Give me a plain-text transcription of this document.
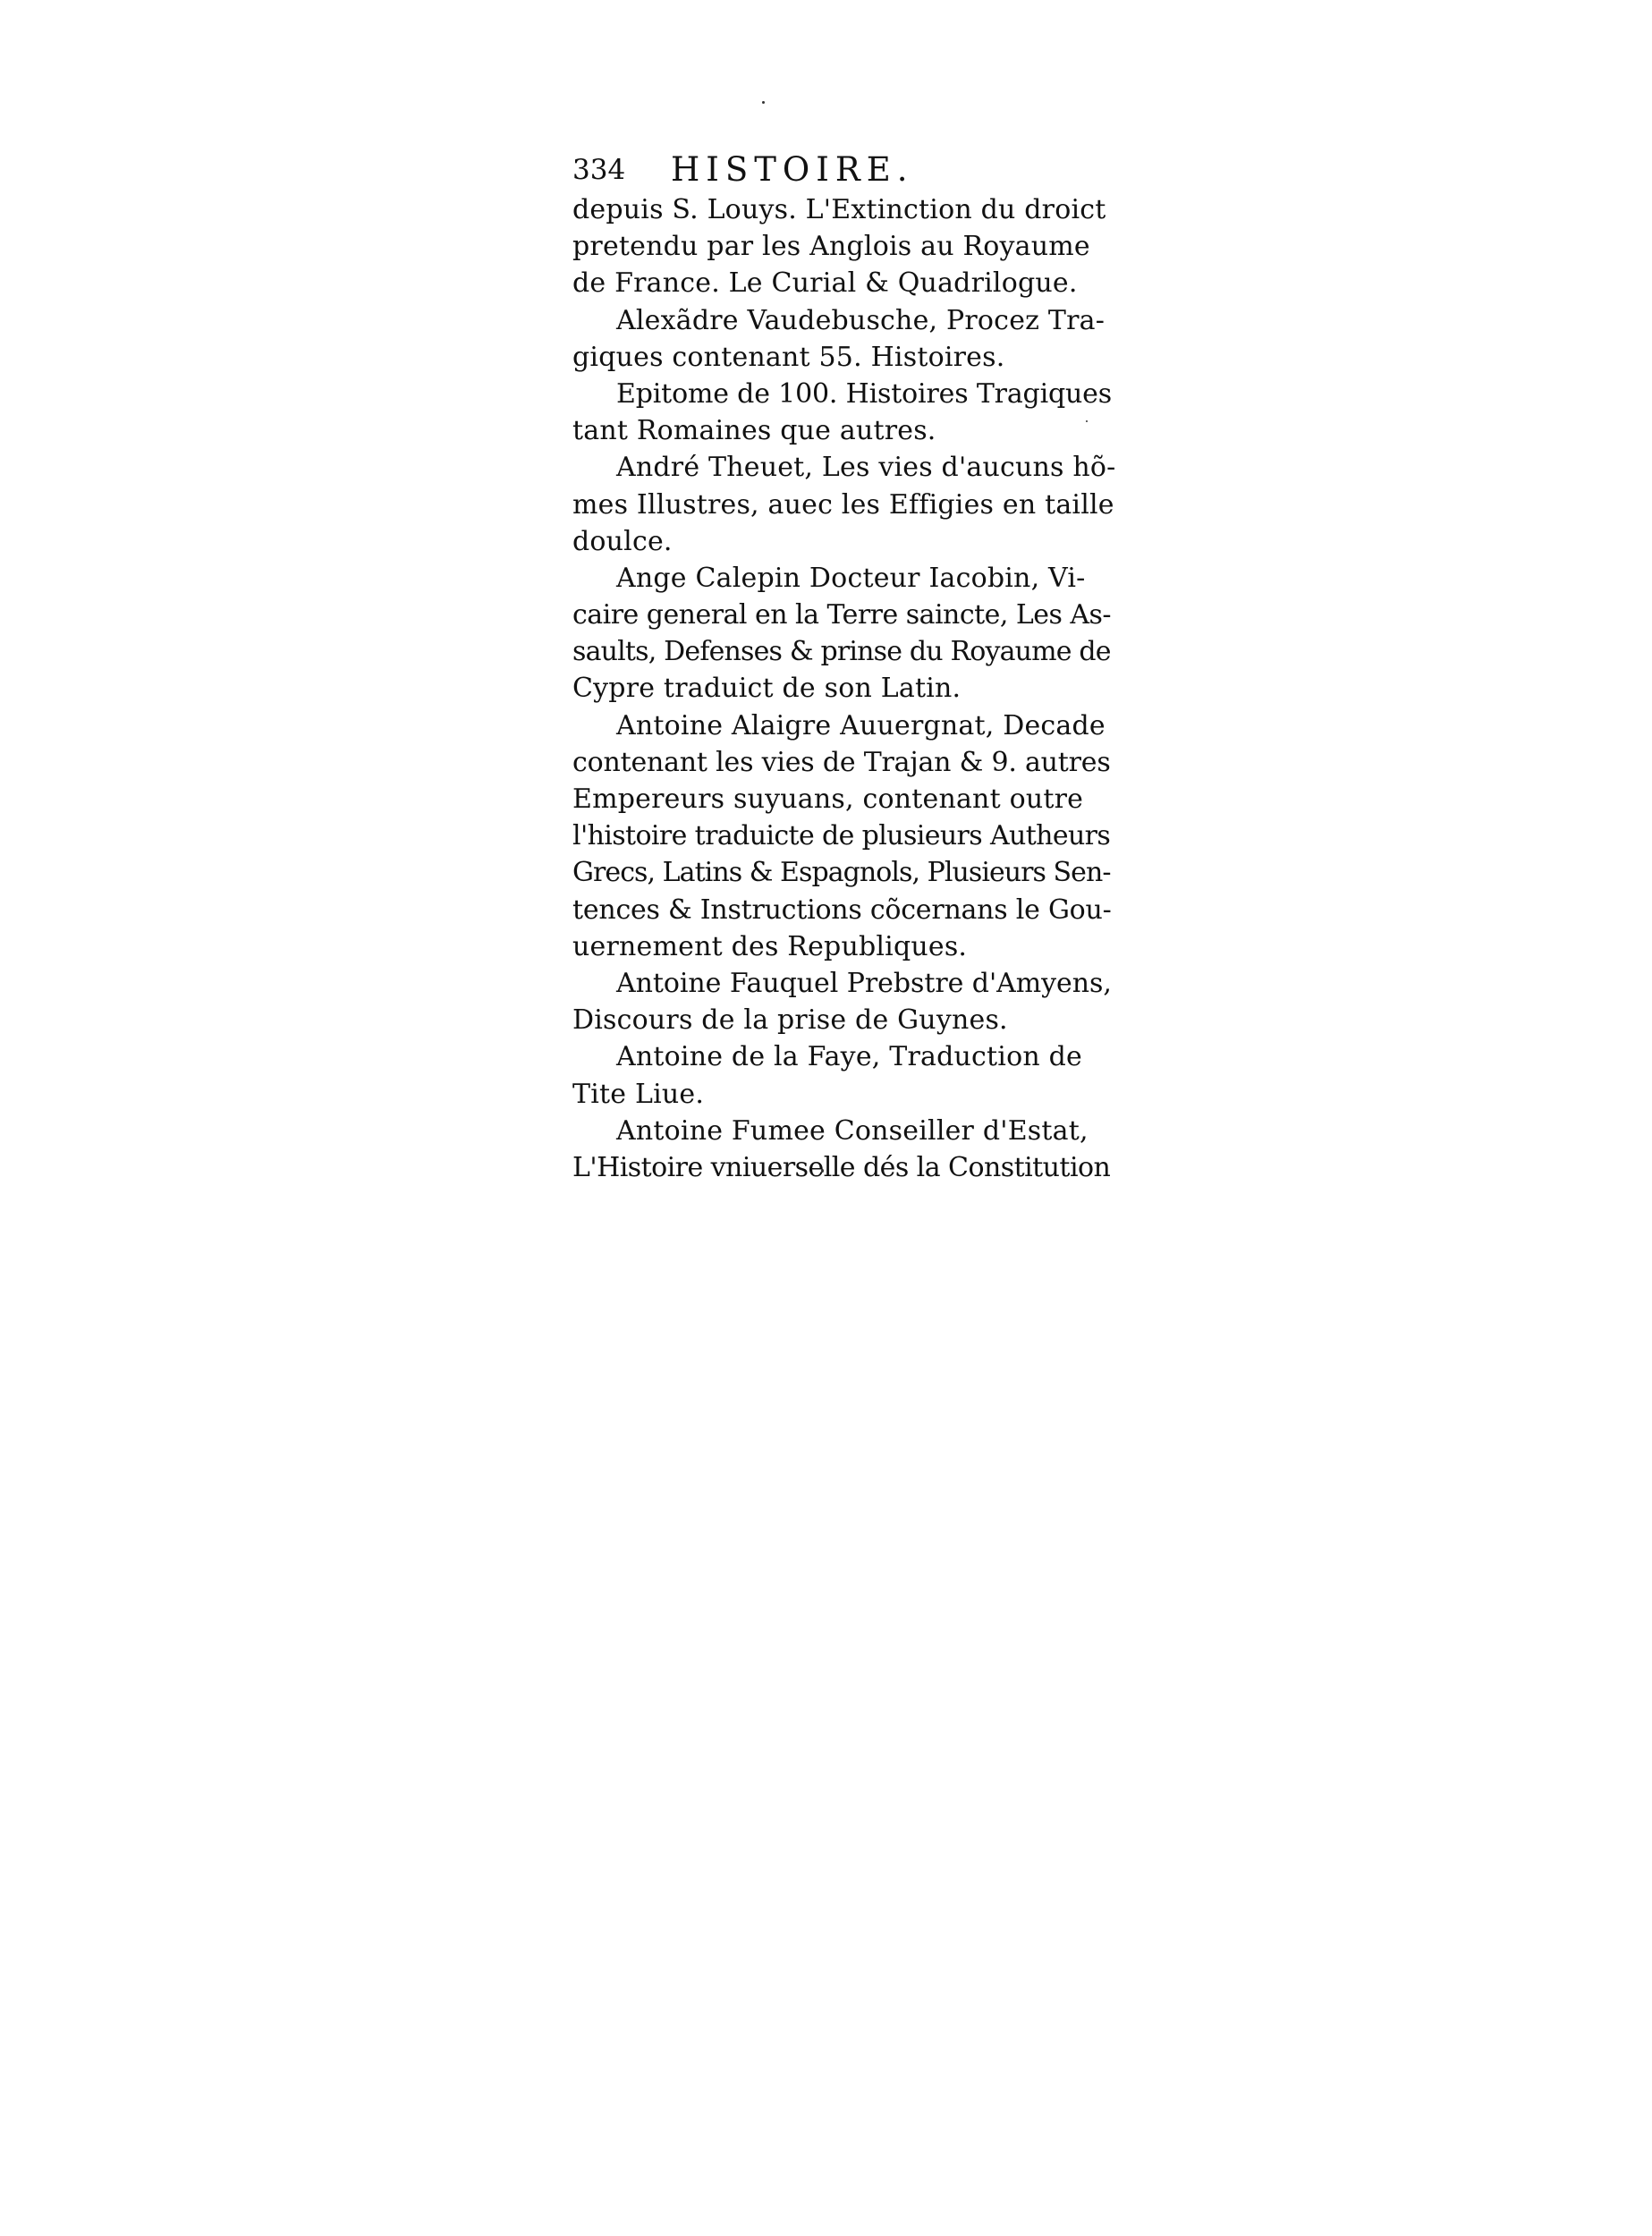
334 HISTOIRE.
depuis S. Louys. L'Extinction du droict
pretendu par les Anglois au Royaume
de France. Le Curial & Quadrilogue.
Alexãdre Vaudebusche, Procez Tra-
giques contenant 55. Histoires.
Epitome de 100. Histoires Tragiques
tant Romaines que autres.
André Theuet, Les vies d'aucuns hõ-
mes Illustres, auec les Effigies en taille
doulce.
Ange Calepin Docteur Iacobin, Vi-
caire general en la Terre saincte, Les As-
saults, Defenses & prinse du Royaume de
Cypre traduict de son Latin.
Antoine Alaigre Auuergnat, Decade
contenant les vies de Trajan & 9. autres
Empereurs suyuans, contenant outre
l'histoire traduicte de plusieurs Autheurs
Grecs, Latins & Espagnols, Plusieurs Sen-
tences & Instructions cõcernans le Gou-
uernement des Republiques.
Antoine Fauquel Prebstre d'Amyens,
Discours de la prise de Guynes.
Antoine de la Faye, Traduction de
Tite Liue.
Antoine Fumee Conseiller d'Estat,
L'Histoire vniuerselle dés la Constitution
